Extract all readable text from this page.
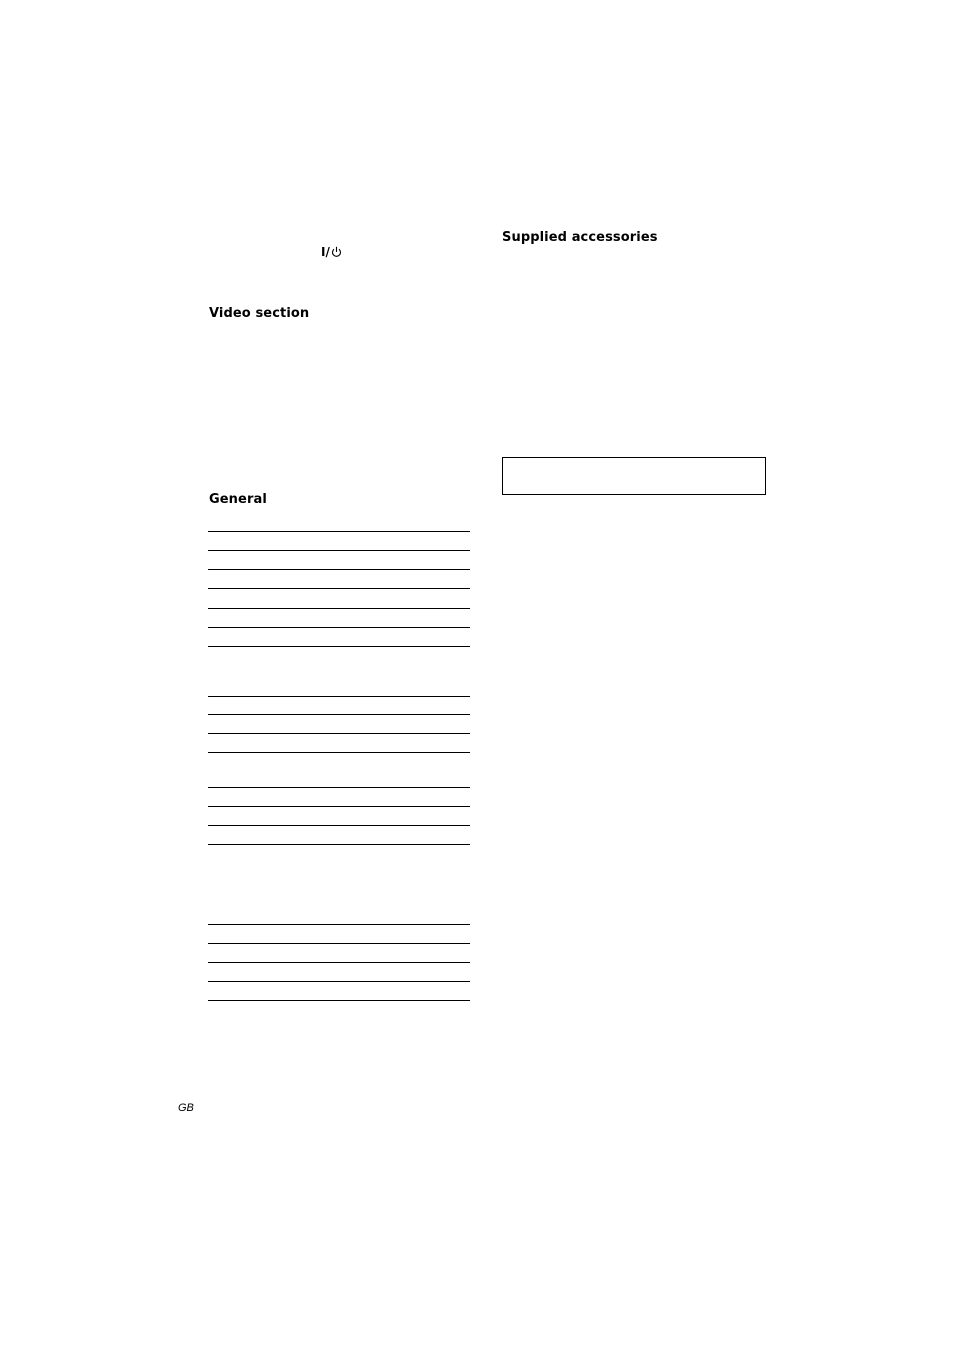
I/
Video section
General
Supplied accessories
GB
